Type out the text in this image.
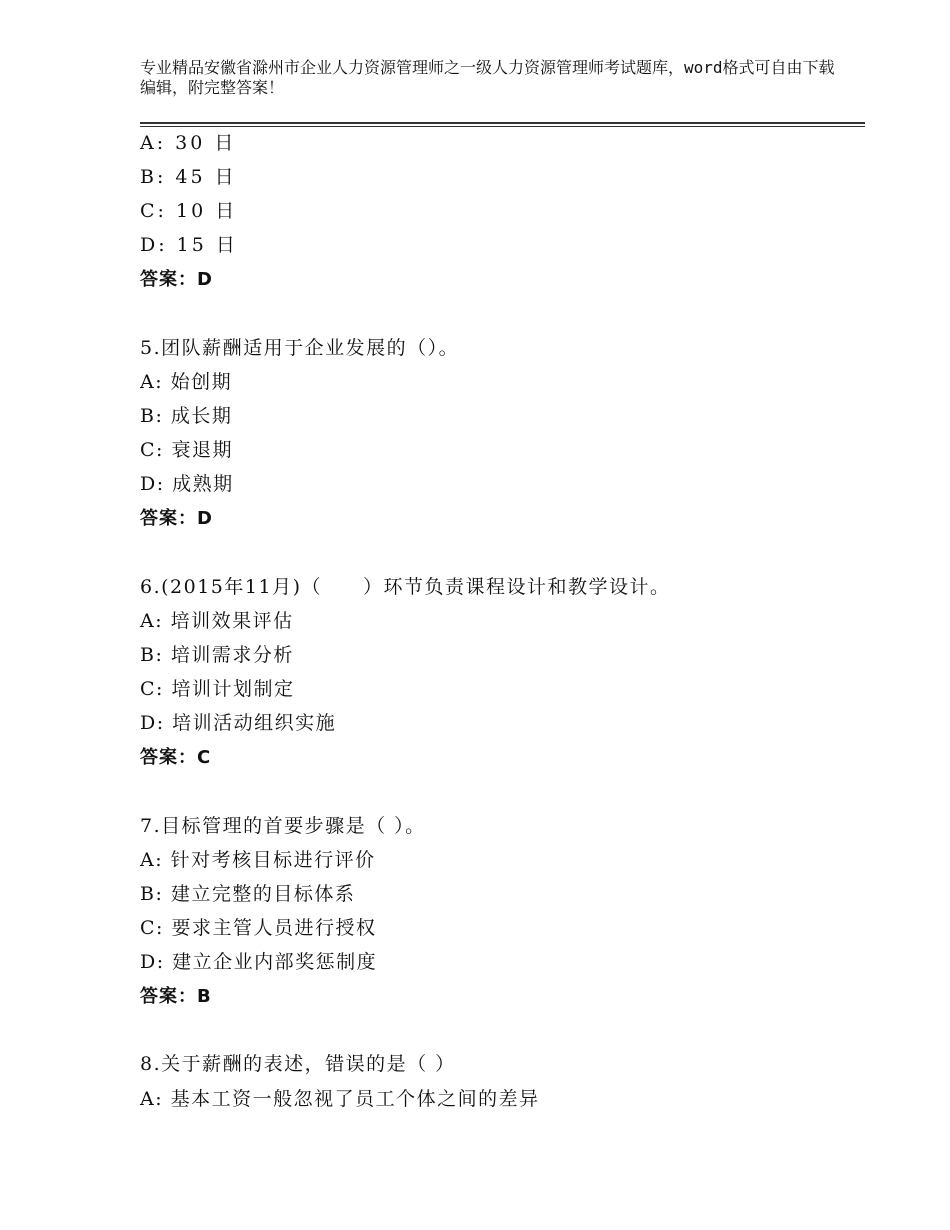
专业精品安徽省滁州市企业人力资源管理师之一级人力资源管理师考试题库，word格式可自由下载编辑，附完整答案！
A: 30 日
B: 45 日
C: 10 日
D: 15 日
答案：D
5.团队薪酬适用于企业发展的（）。
A: 始创期
B: 成长期
C: 衰退期
D: 成熟期
答案：D
6.(2015年11月)（　　）环节负责课程设计和教学设计。
A: 培训效果评估
B: 培训需求分析
C: 培训计划制定
D: 培训活动组织实施
答案：C
7.目标管理的首要步骤是（ ）。
A: 针对考核目标进行评价
B: 建立完整的目标体系
C: 要求主管人员进行授权
D: 建立企业内部奖惩制度
答案：B
8.关于薪酬的表述，错误的是（ ）
A: 基本工资一般忽视了员工个体之间的差异
